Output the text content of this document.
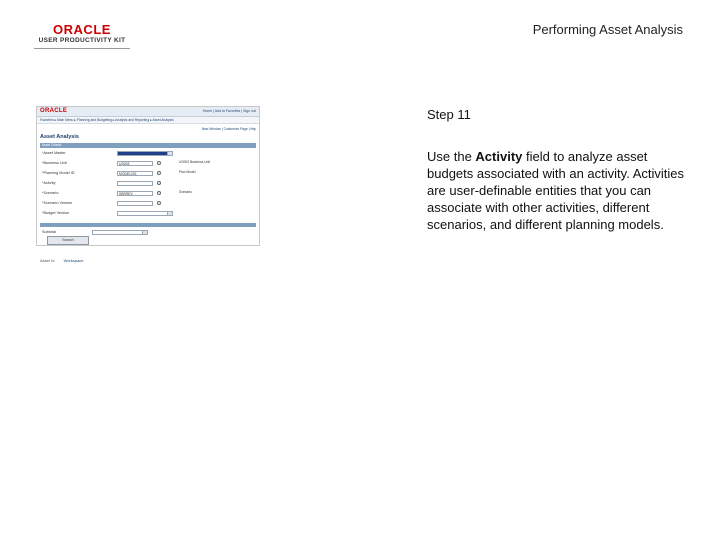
ORACLE
USER PRODUCTIVITY KIT
Performing Asset Analysis
ORACLE	Home | Add to Favorites | Sign out
Favorites ▸ Main Menu ▸ Planning and Budgeting ▸ Analysis and Reporting ▸ Asset Analysis
New Window | Customize Page | http
Asset Analysis
Asset Criteria
*Asset Master
*Business Unit	US003	US003 Business Unit
*Planning Model ID	MODEL001	Plan Model
*Activity
*Scenario	SBRREV	Scenario
*Scenario Version
*Budget Version
Subtotal
Search
Asset Id Workspace
Step 11
Use the Activity field to analyze asset budgets associated with an activity. Activities are user-definable entities that you can associate with other activities, different scenarios, and different planning models.
